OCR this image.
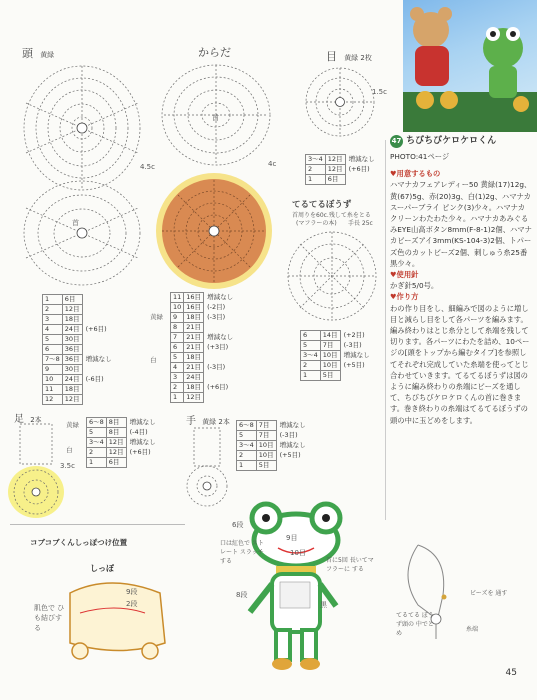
頭 黄緑
4.5c
首
1	6目	
2	12目	
3	18目	
4	24目	(+6目)
5	30目	
6	36目	
7～8	36目	増減なし
9	30目	
10	24目	(-6目)
11	18目	
12	12目	
からだ
首
4c
黄緑
白
11	16目	増減なし
10	16目	(-2目)
9	18目	(-3目)
8	21目	
7	21目	増減なし
6	21目	(+3目)
5	18目	
4	21目	(-3目)
3	24目	
2	18目	(+6目)
1	12目	
目 黄緑 2枚
1.5c
3～4	12目	増減なし
2	12目	(+6目)
1	6目	
てるてるぼうず
首周りを60c.残して糸をとる
(マフラーの本) 手長 25c
6	14目	(+2目)
5	7目	(-3目)
3～4	10目	増減なし
2	10目	(+5目)
1	5目	
足 2本
3.5c
黄緑
白
6～8	8目	増減なし
5	8目	(-4目)
3～4	12目	増減なし
2	12目	(+6目)
1	6目	
手 黄緑 2本 6～8	7目	増減なし
5	7目	(-3目)
3～4	10目	増減なし
2	10目	(+5目)
1	5目	

47 ちびちびケロケロくん

PHOTO:41ページ

♥用意するもの

ハマナカフェアレディー50 黄緑(17)12g、黄(67)5g、赤(20)3g、白(1)2g、ハマナカスーパーブライ ピンク(3)少々。ハマナカクリーンわたわた少々。ハマナカあみぐるみEYE山高ボタン8mm(F-8-1)2個、ハマナカビーズアイ3mm(KS-104-3)2個、トパーズ色のカットビーズ2個、刺しゅう糸25番 黒少々。

♥使用針

かぎ針5/0号。

♥作り方

わの作り目をし、細編みで図のように増し目と減らし目をして各パーツを編みます。編み終わりはとじ糸分として糸端を残して切ります。各パーツにわたを詰め、10ページの[頭をトップから編むタイプ]を参照してそれぞれ完成していた糸端を使ってとじ合わせていきます。てるてるぼうずは図のように編み終わりの糸端にビーズを通して、ちびちびケロケロくんの首に巻きます。巻き終わりの糸端はてるてるぼうずの頭の中に玉どめをします。

コブコブくんしっぽつけ位置
しっぽ
9段
2段
肌色で ひも結びする
6段
口は紅色で ストレート スラッチする
9目
10目
首に5回 長いてマフラーに する
8段
黒
ビーズを 通す
てるてる ぼうず頭の 中でとめ
糸端
45
